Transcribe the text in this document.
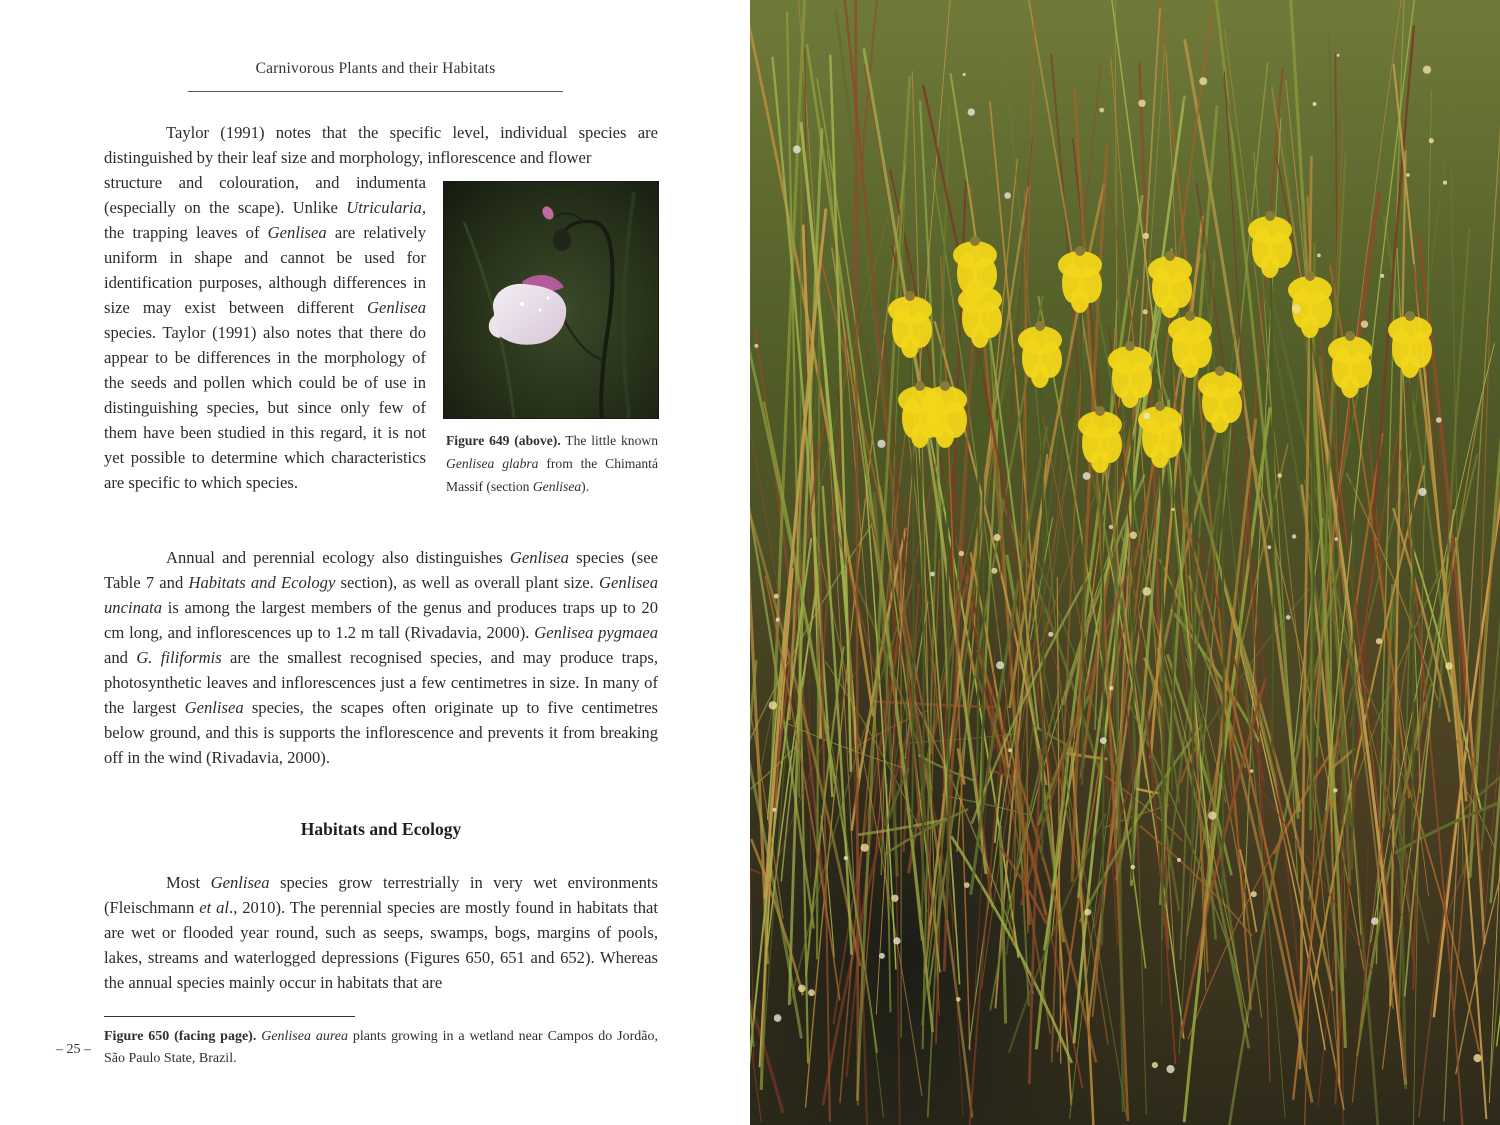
Carnivorous Plants and their Habitats

Taylor (1991) notes that the specific level, individual species are distinguished by their leaf size and morphology, inflorescence and flower

structure and colouration, and indumenta (especially on the scape). Unlike Utricularia, the trapping leaves of Genlisea are relatively uniform in shape and cannot be used for identification purposes, although differences in size may exist between different Genlisea species. Taylor (1991) also notes that there do appear to be differences in the morphology of the seeds and pollen which could be of use in distinguishing species, but since only few of them have been studied in this regard, it is not yet possible to determine which characteristics are specific to which species.

Figure 649 (above). The little known Genlisea glabra from the Chimantá Massif (section Genlisea).

Annual and perennial ecology also distinguishes Genlisea species (see Table 7 and Habitats and Ecology section), as well as overall plant size. Genlisea uncinata is among the largest members of the genus and produces traps up to 20 cm long, and inflorescences up to 1.2 m tall (Rivadavia, 2000). Genlisea pygmaea and G. filiformis are the smallest recognised species, and may produce traps, photosynthetic leaves and inflorescences just a few centimetres in size. In many of the largest Genlisea species, the scapes often originate up to five centimetres below ground, and this is supports the inflorescence and prevents it from breaking off in the wind (Rivadavia, 2000).

Habitats and Ecology

Most Genlisea species grow terrestrially in very wet environments (Fleischmann et al., 2010). The perennial species are mostly found in habitats that are wet or flooded year round, such as seeps, swamps, bogs, margins of pools, lakes, streams and waterlogged depressions (Figures 650, 651 and 652). Whereas the annual species mainly occur in habitats that are

Figure 650 (facing page). Genlisea aurea plants growing in a wetland near Campos do Jordão, São Paulo State, Brazil.
– 25 –
